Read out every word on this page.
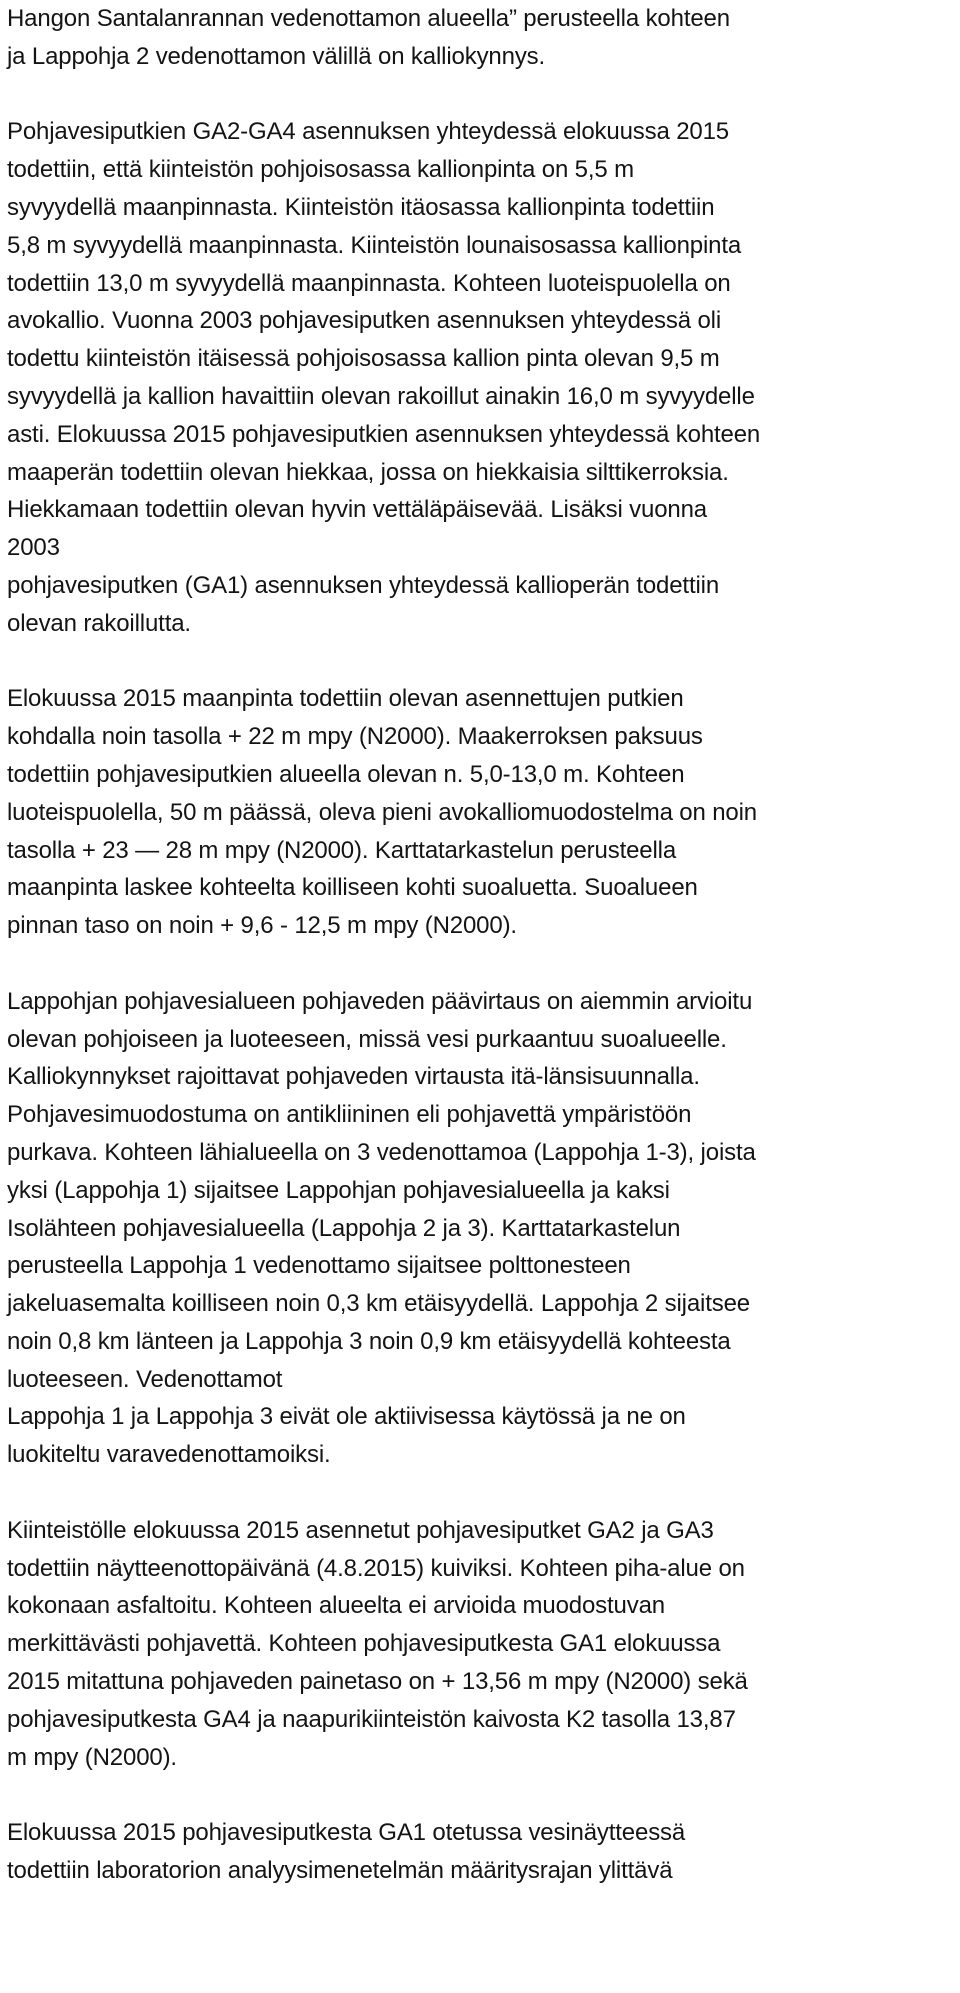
Hangon Santalanrannan vedenottamon alueella” perusteella kohteen
ja Lappohja 2 vedenottamon välillä on kalliokynnys.
Pohjavesiputkien GA2-GA4 asennuksen yhteydessä elokuussa 2015
todettiin, että kiinteistön pohjoisosassa kallionpinta on 5,5 m
syvyydellä maanpinnasta. Kiinteistön itäosassa kallionpinta todettiin
5,8 m syvyydellä maanpinnasta. Kiinteistön lounaisosassa kallionpinta
todettiin 13,0 m syvyydellä maanpinnasta. Kohteen luoteispuolella on
avokallio. Vuonna 2003 pohjavesiputken asennuksen yhteydessä oli
todettu kiinteistön itäisessä pohjoisosassa kallion pinta olevan 9,5 m
syvyydellä ja kallion havaittiin olevan rakoillut ainakin 16,0 m syvyydelle
asti. Elokuussa 2015 pohjavesiputkien asennuksen yhteydessä kohteen
maaperän todettiin olevan hiekkaa, jossa on hiekkaisia silttikerroksia.
Hiekkamaan todettiin olevan hyvin vettäläpäisevää. Lisäksi vuonna
2003
pohjavesiputken (GA1) asennuksen yhteydessä kallioperän todettiin
olevan rakoillutta.
Elokuussa 2015 maanpinta todettiin olevan asennettujen putkien
kohdalla noin tasolla + 22 m mpy (N2000). Maakerroksen paksuus
todettiin pohjavesiputkien alueella olevan n. 5,0-13,0 m. Kohteen
luoteispuolella, 50 m päässä, oleva pieni avokalliomuodostelma on noin
tasolla + 23 — 28 m mpy (N2000). Karttatarkastelun perusteella
maanpinta laskee kohteelta koilliseen kohti suoaluetta. Suoalueen
pinnan taso on noin + 9,6 - 12,5 m mpy (N2000).
Lappohjan pohjavesialueen pohjaveden päävirtaus on aiemmin arvioitu
olevan pohjoiseen ja luoteeseen, missä vesi purkaantuu suoalueelle.
Kalliokynnykset rajoittavat pohjaveden virtausta itä-länsisuunnalla.
Pohjavesimuodostuma on antikliininen eli pohjavettä ympäristöön
purkava. Kohteen lähialueella on 3 vedenottamoa (Lappohja 1-3), joista
yksi (Lappohja 1) sijaitsee Lappohjan pohjavesialueella ja kaksi
Isolähteen pohjavesialueella (Lappohja 2 ja 3). Karttatarkastelun
perusteella Lappohja 1 vedenottamo sijaitsee polttonesteen
jakeluasemalta koilliseen noin 0,3 km etäisyydellä. Lappohja 2 sijaitsee
noin 0,8 km länteen ja Lappohja 3 noin 0,9 km etäisyydellä kohteesta
luoteeseen. Vedenottamot
Lappohja 1 ja Lappohja 3 eivät ole aktiivisessa käytössä ja ne on
luokiteltu varavedenottamoiksi.
Kiinteistölle elokuussa 2015 asennetut pohjavesiputket GA2 ja GA3
todettiin näytteenottopäivänä (4.8.2015) kuiviksi. Kohteen piha-alue on
kokonaan asfaltoitu. Kohteen alueelta ei arvioida muodostuvan
merkittävästi pohjavettä. Kohteen pohjavesiputkesta GA1 elokuussa
2015 mitattuna pohjaveden painetaso on + 13,56 m mpy (N2000) sekä
pohjavesiputkesta GA4 ja naapurikiinteistön kaivosta K2 tasolla 13,87
m mpy (N2000).
Elokuussa 2015 pohjavesiputkesta GA1 otetussa vesinäytteessä
todettiin laboratorion analyysimenetelmän määritysrajan ylittävä
